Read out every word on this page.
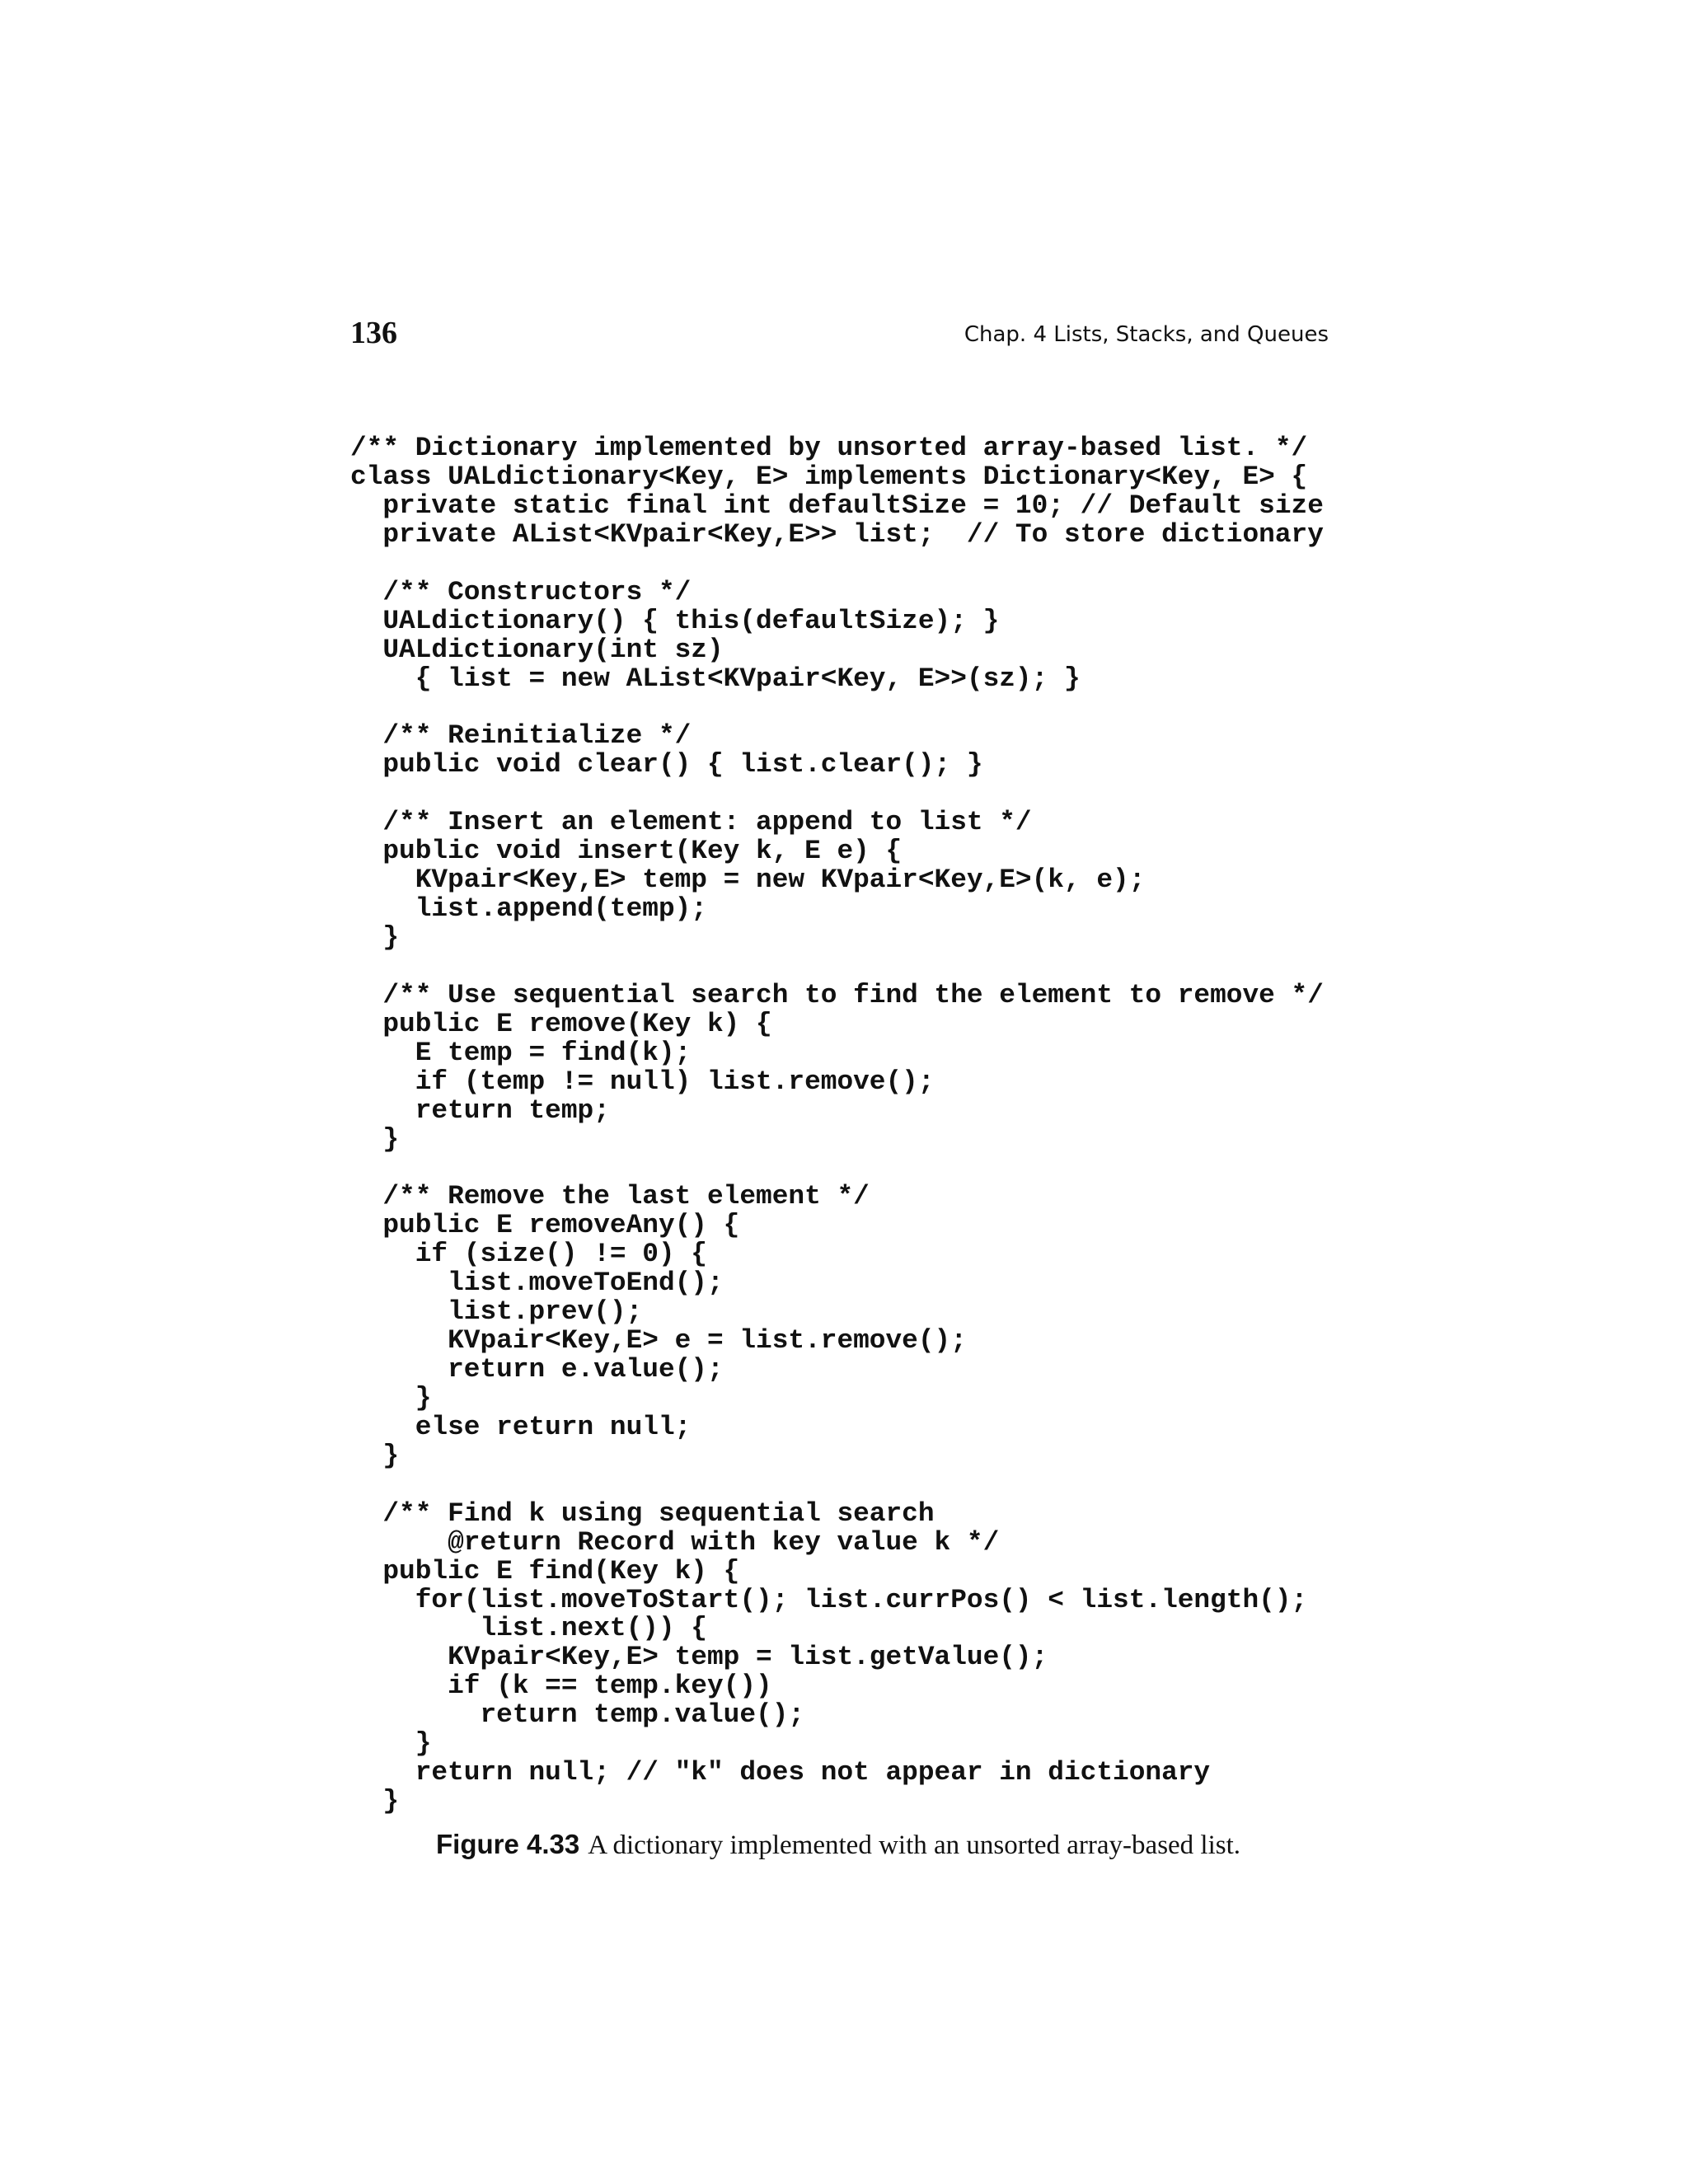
136	Chap. 4 Lists, Stacks, and Queues
/** Dictionary implemented by unsorted array-based list. */
class UALdictionary<Key, E> implements Dictionary<Key, E> {
private static final int defaultSize = 10; // Default size
private AList<KVpair<Key,E>> list;  // To store dictionary
/** Constructors */
UALdictionary() { this(defaultSize); }
UALdictionary(int sz)
{ list = new AList<KVpair<Key, E>>(sz); }
/** Reinitialize */
public void clear() { list.clear(); }
/** Insert an element: append to list */
public void insert(Key k, E e) {
KVpair<Key,E> temp = new KVpair<Key,E>(k, e);
list.append(temp);
}
/** Use sequential search to find the element to remove */
public E remove(Key k) {
E temp = find(k);
if (temp != null) list.remove();
return temp;
}
/** Remove the last element */
public E removeAny() {
if (size() != 0) {
list.moveToEnd();
list.prev();
KVpair<Key,E> e = list.remove();
return e.value();
}
else return null;
}
/** Find k using sequential search
@return Record with key value k */
public E find(Key k) {
for(list.moveToStart(); list.currPos() < list.length();
list.next()) {
KVpair<Key,E> temp = list.getValue();
if (k == temp.key())
return temp.value();
}
return null; // "k" does not appear in dictionary
}
Figure 4.33 A dictionary implemented with an unsorted array-based list.
